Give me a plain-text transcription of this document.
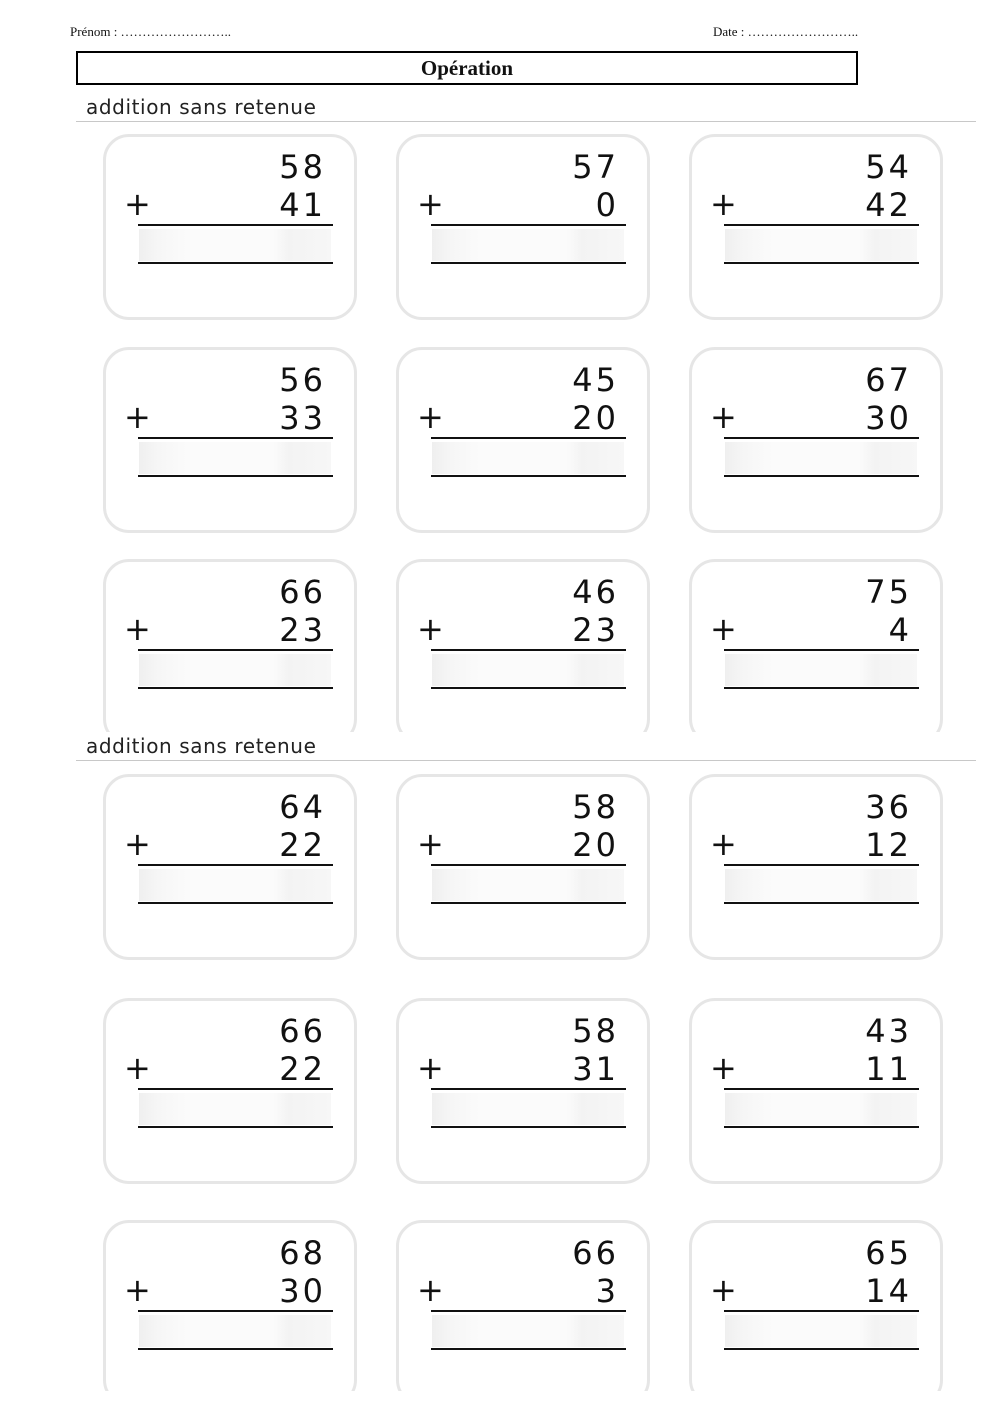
Prénom : ……………………..	Date : ……………………..
Opération
addition sans retenue
58
+	41
57
+	0
54
+	42
56
+	33
45
+	20
67
+	30
66
+	23
46
+	23
75
+	4
addition sans retenue
64
+	22
58
+	20
36
+	12
66
+	22
58
+	31
43
+	11
68
+	30
66
+	3
65
+	14
